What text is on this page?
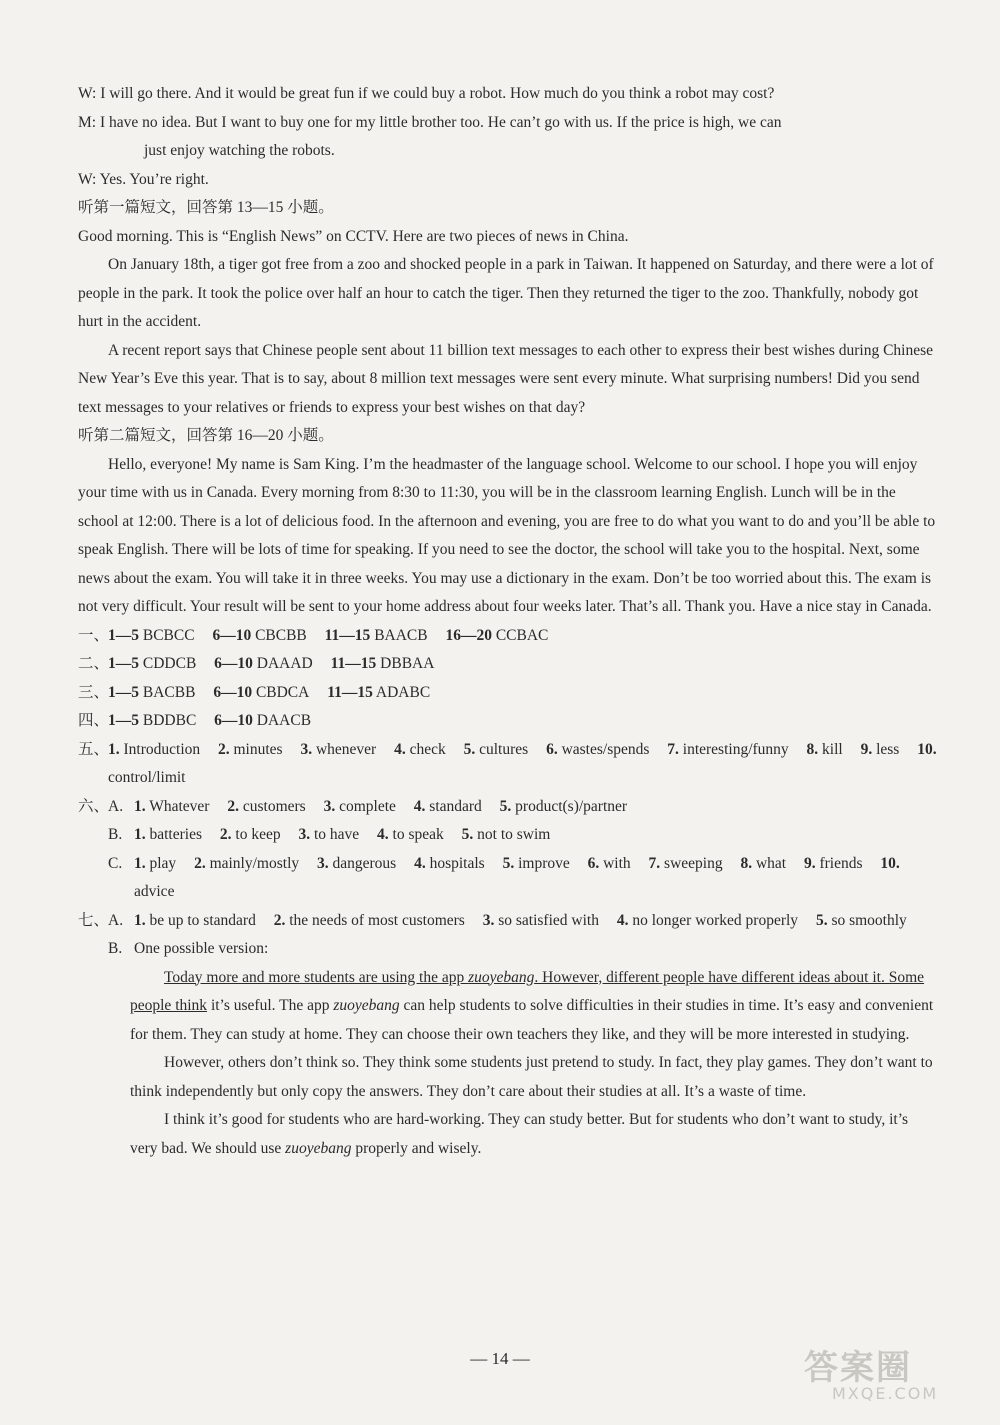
W: I will go there. And it would be great fun if we could buy a robot. How much do you think a robot may cost?

M: I have no idea. But I want to buy one for my little brother too. He can’t go with us. If the price is high, we can

just enjoy watching the robots.

W: Yes. You’re right.

听第一篇短文，回答第 13—15 小题。

Good morning. This is “English News” on CCTV. Here are two pieces of news in China.

On January 18th, a tiger got free from a zoo and shocked people in a park in Taiwan. It happened on Saturday, and there were a lot of people in the park. It took the police over half an hour to catch the tiger. Then they returned the tiger to the zoo. Thankfully, nobody got hurt in the accident.

A recent report says that Chinese people sent about 11 billion text messages to each other to express their best wishes during Chinese New Year’s Eve this year. That is to say, about 8 million text messages were sent every minute. What surprising numbers! Did you send text messages to your relatives or friends to express your best wishes on that day?

听第二篇短文，回答第 16—20 小题。

Hello, everyone! My name is Sam King. I’m the headmaster of the language school. Welcome to our school. I hope you will enjoy your time with us in Canada. Every morning from 8:30 to 11:30, you will be in the classroom learning English. Lunch will be in the school at 12:00. There is a lot of delicious food. In the afternoon and evening, you are free to do what you want to do and you’ll be able to speak English. There will be lots of time for speaking. If you need to see the doctor, the school will take you to the hospital. Next, some news about the exam. You will take it in three weeks. You may use a dictionary in the exam. Don’t be too worried about this. The exam is not very difficult. Your result will be sent to your home address about four weeks later. That’s all. Thank you. Have a nice stay in Canada.

一、
1—5 BCBCC 6—10 CBCBB 11—15 BAACB 16—20 CCBAC
二、
1—5 CDDCB 6—10 DAAAD 11—15 DBBAA
三、
1—5 BACBB 6—10 CBDCA 11—15 ADABC
四、
1—5 BDDBC 6—10 DAACB
五、
1. Introduction 2. minutes 3. whenever 4. check 5. cultures 6. wastes/spends 7. interesting/funny 8. kill 9. less 10. control/limit
六、
A. 1. Whatever 2. customers 3. complete 4. standard 5. product(s)/partner
B. 1. batteries 2. to keep 3. to have 4. to speak 5. not to swim
C. 1. play 2. mainly/mostly 3. dangerous 4. hospitals 5. improve 6. with 7. sweeping 8. what 9. friends 10. advice
七、
A. 1. be up to standard 2. the needs of most customers 3. so satisfied with 4. no longer worked properly 5. so smoothly
B. One possible version:

Today more and more students are using the app zuoyebang. However, different people have different ideas about it. Some people think it’s useful. The app zuoyebang can help students to solve difficulties in their studies in time. It’s easy and convenient for them. They can study at home. They can choose their own teachers they like, and they will be more interested in studying.

However, others don’t think so. They think some students just pretend to study. In fact, they play games. They don’t want to think independently but only copy the answers. They don’t care about their studies at all. It’s a waste of time.

I think it’s good for students who are hard-working. They can study better. But for students who don’t want to study, it’s very bad. We should use zuoyebang properly and wisely.

— 14 —	答案圈
MXQE.COM
